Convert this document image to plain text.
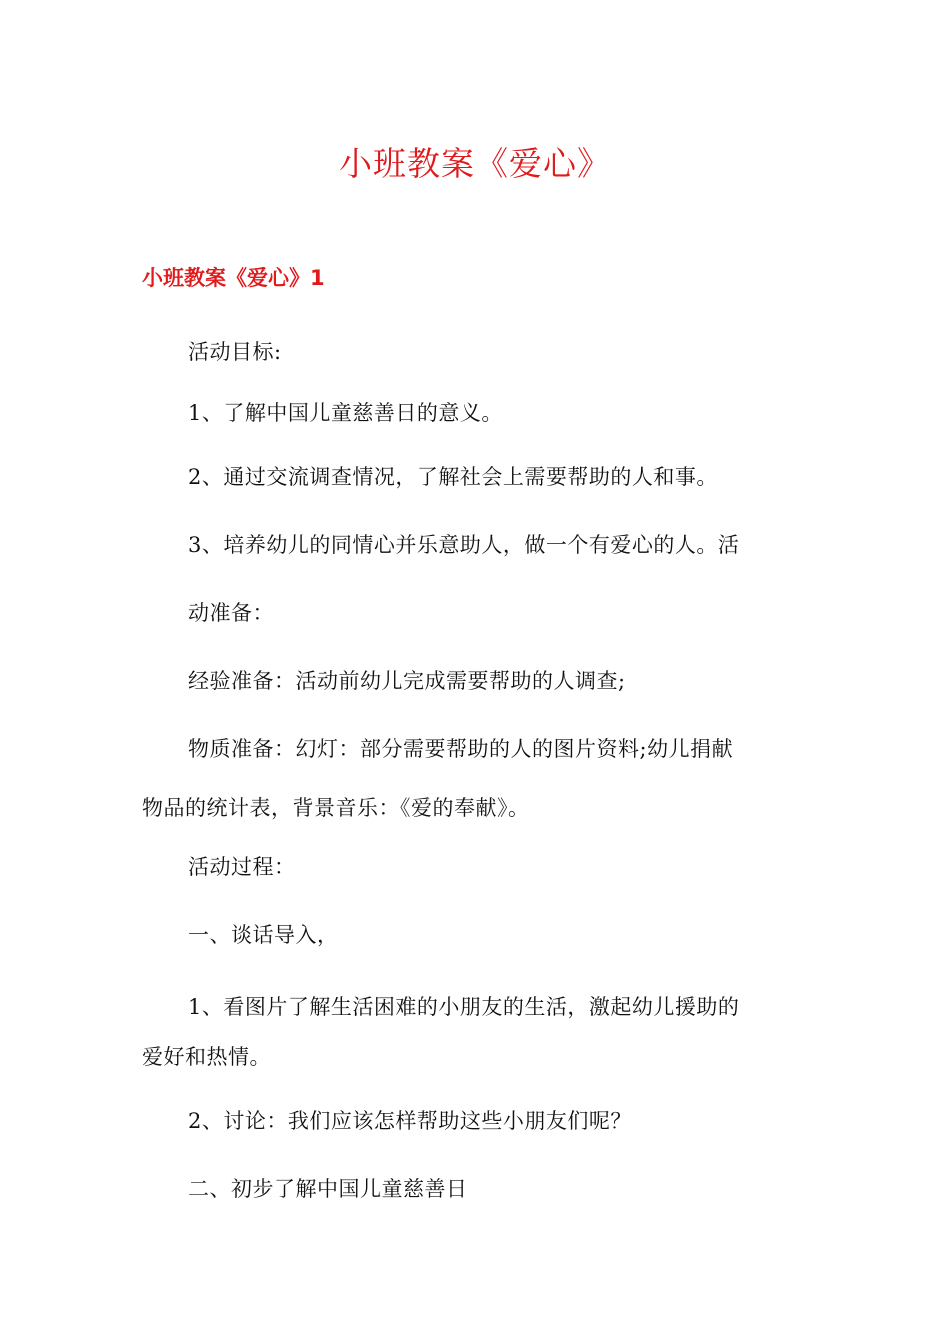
小班教案《爱心》
小班教案《爱心》1
活动目标:
1、了解中国儿童慈善日的意义。
2、通过交流调查情况，了解社会上需要帮助的人和事。
3、培养幼儿的同情心并乐意助人，做一个有爱心的人。活
动准备：
经验准备：活动前幼儿完成需要帮助的人调查;
物质准备：幻灯：部分需要帮助的人的图片资料;幼儿捐献
物品的统计表，背景音乐：《爱的奉献》。
活动过程：
一、谈话导入，
1、看图片了解生活困难的小朋友的生活，激起幼儿援助的
爱好和热情。
2、讨论：我们应该怎样帮助这些小朋友们呢？
二、初步了解中国儿童慈善日
